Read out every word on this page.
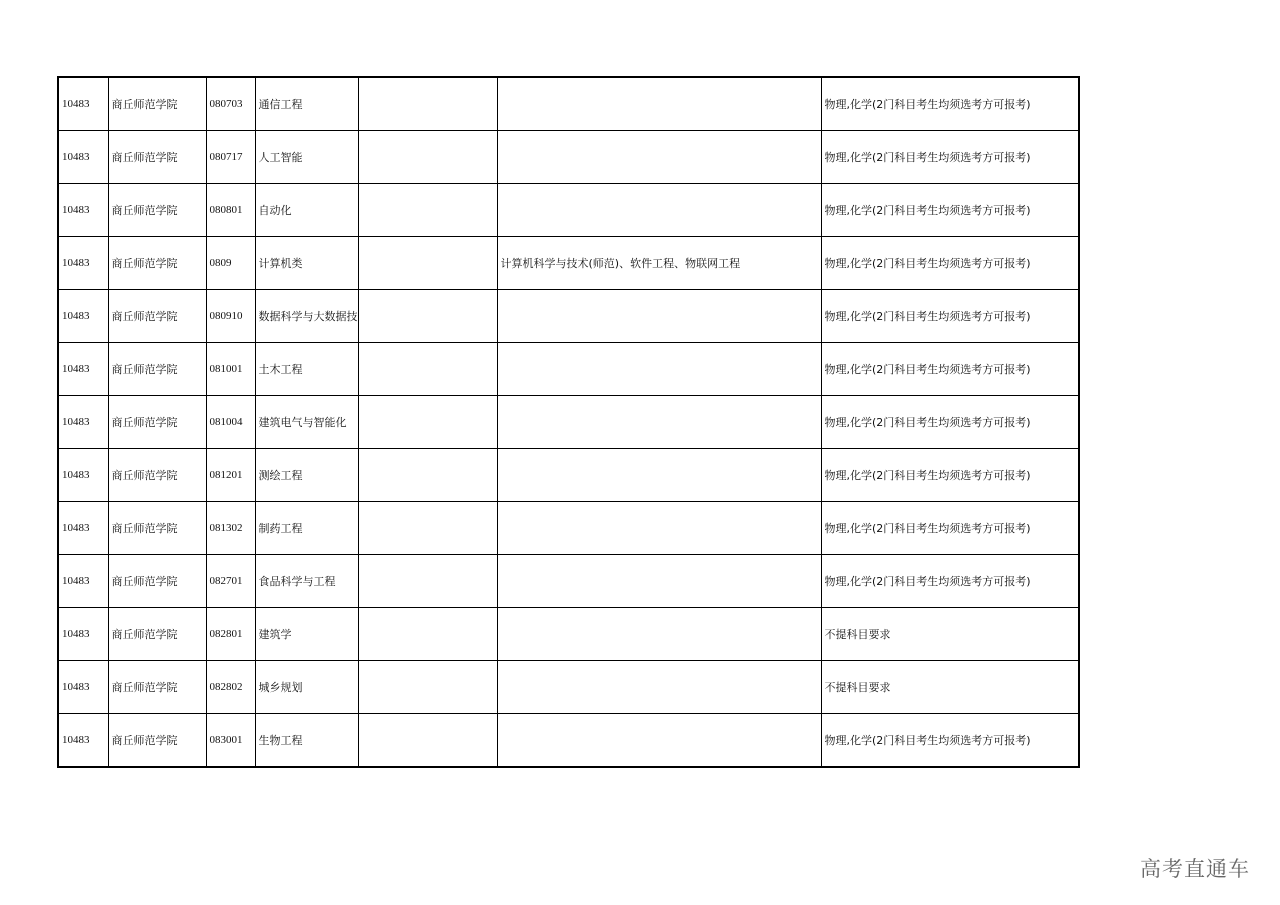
10483	商丘师范学院	080703	通信工程			物理,化学(2门科目考生均须选考方可报考)
10483	商丘师范学院	080717	人工智能			物理,化学(2门科目考生均须选考方可报考)
10483	商丘师范学院	080801	自动化			物理,化学(2门科目考生均须选考方可报考)
10483	商丘师范学院	0809	计算机类		计算机科学与技术(师范)、软件工程、物联网工程	物理,化学(2门科目考生均须选考方可报考)
10483	商丘师范学院	080910	数据科学与大数据技			物理,化学(2门科目考生均须选考方可报考)
10483	商丘师范学院	081001	土木工程			物理,化学(2门科目考生均须选考方可报考)
10483	商丘师范学院	081004	建筑电气与智能化			物理,化学(2门科目考生均须选考方可报考)
10483	商丘师范学院	081201	测绘工程			物理,化学(2门科目考生均须选考方可报考)
10483	商丘师范学院	081302	制药工程			物理,化学(2门科目考生均须选考方可报考)
10483	商丘师范学院	082701	食品科学与工程			物理,化学(2门科目考生均须选考方可报考)
10483	商丘师范学院	082801	建筑学			不提科目要求
10483	商丘师范学院	082802	城乡规划			不提科目要求
10483	商丘师范学院	083001	生物工程			物理,化学(2门科目考生均须选考方可报考)
高考直通车
